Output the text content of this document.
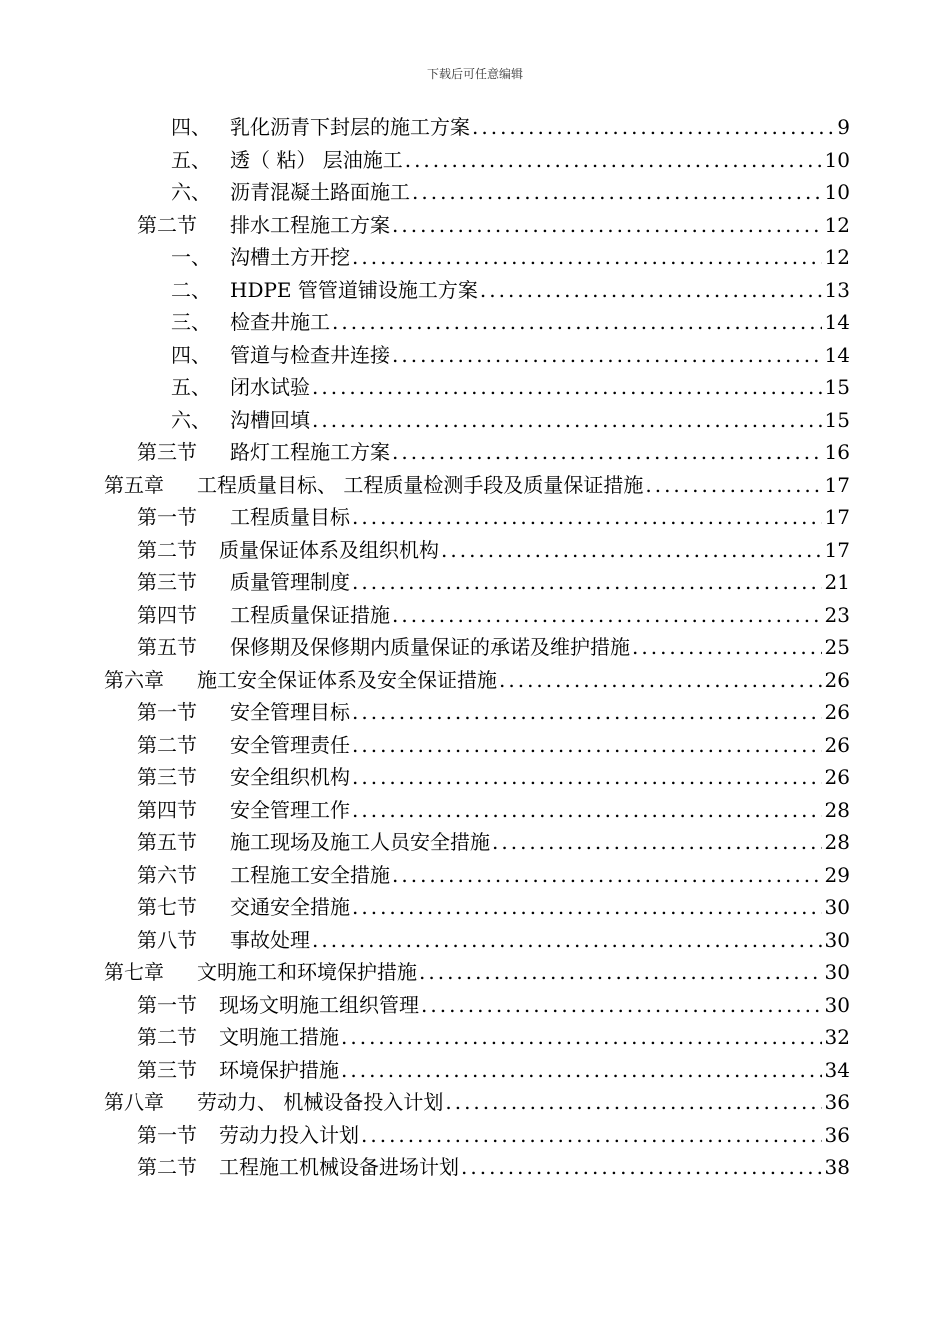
下载后可任意编辑
四、 乳化沥青下封层的施工方案 .....	9
五、 透（ 粘） 层油施工 .....	10
六、 沥青混凝土路面施工 .....	10
第二节	排水工程施工方案 .....	12
一、 沟槽土方开挖 .....	12
二、 HDPE 管管道铺设施工方案 .....	13
三、 检查井施工 .....	14
四、 管道与检查井连接 .....	14
五、 闭水试验 .....	15
六、 沟槽回填 .....	15
第三节	路灯工程施工方案 .....	16
第五章	工程质量目标、 工程质量检测手段及质量保证措施 .....	17
第一节	工程质量目标 .....	17
第二节	质量保证体系及组织机构 .....	17
第三节	质量管理制度 .....	21
第四节	工程质量保证措施 .....	23
第五节	保修期及保修期内质量保证的承诺及维护措施 .....	25
第六章	施工安全保证体系及安全保证措施 .....	26
第一节	安全管理目标 .....	26
第二节	安全管理责任 .....	26
第三节	安全组织机构 .....	26
第四节	安全管理工作 .....	28
第五节	施工现场及施工人员安全措施 .....	28
第六节	工程施工安全措施 .....	29
第七节	交通安全措施 .....	30
第八节	事故处理 .....	30
第七章	文明施工和环境保护措施 .....	30
第一节	现场文明施工组织管理 .....	30
第二节	文明施工措施 .....	32
第三节	环境保护措施 .....	34
第八章	劳动力、 机械设备投入计划 .....	36
第一节	劳动力投入计划 .....	36
第二节	工程施工机械设备进场计划 .....	38
